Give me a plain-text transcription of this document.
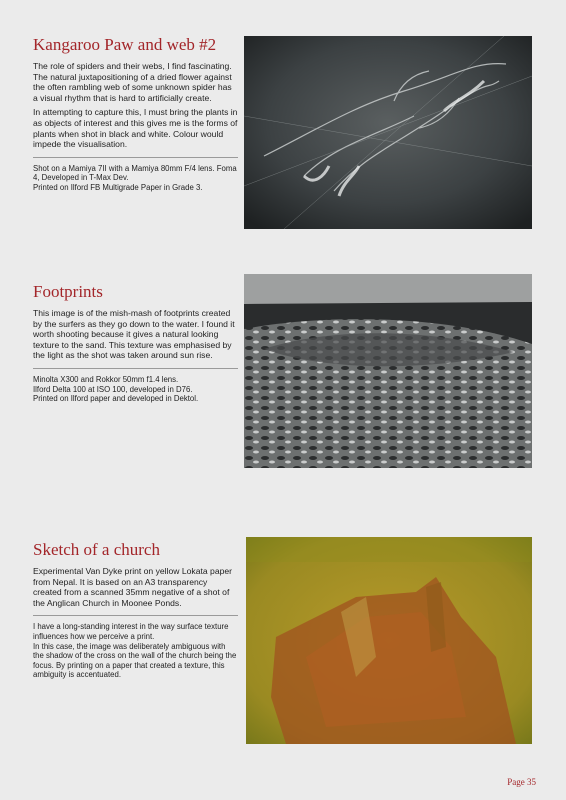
Kangaroo Paw and web #2

The role of spiders and their webs, I find fascinating. The natural juxtapositioning of a dried flower against the often rambling web of some unknown spider has a visual rhythm that is hard to artificially create.

In attempting to capture this, I must bring the plants in as objects of interest and this gives me is the forms of plants when shot in black and white. Colour would impede the visualisation.

Shot on a Mamiya 7II with a Mamiya 80mm F/4 lens. Foma 4, Developed in T-Max Dev.

Printed on Ilford FB Multigrade Paper in Grade 3.

Footprints

This image is of the mish-mash of footprints created by the surfers as they go down to the water. I found it worth shooting because it gives a natural looking texture to the sand. This texture was emphasised by the light as the shot was taken around sun rise.

Minolta X300 and Rokkor 50mm f1.4 lens.

Ilford Delta 100 at ISO 100, developed in D76.

Printed on Ilford paper and developed in Dektol.

Sketch of a church

Experimental Van Dyke print on yellow Lokata paper from Nepal. It is based on an A3 transparency created from a scanned 35mm negative of a shot of the Anglican Church in Moonee Ponds.

I have a long-standing interest in the way surface texture influences how we perceive a print.

In this case, the image was deliberately ambiguous with the shadow of the cross on the wall of the church being the focus. By printing on a paper that created a texture, this ambiguity is accentuated.

Page 35
